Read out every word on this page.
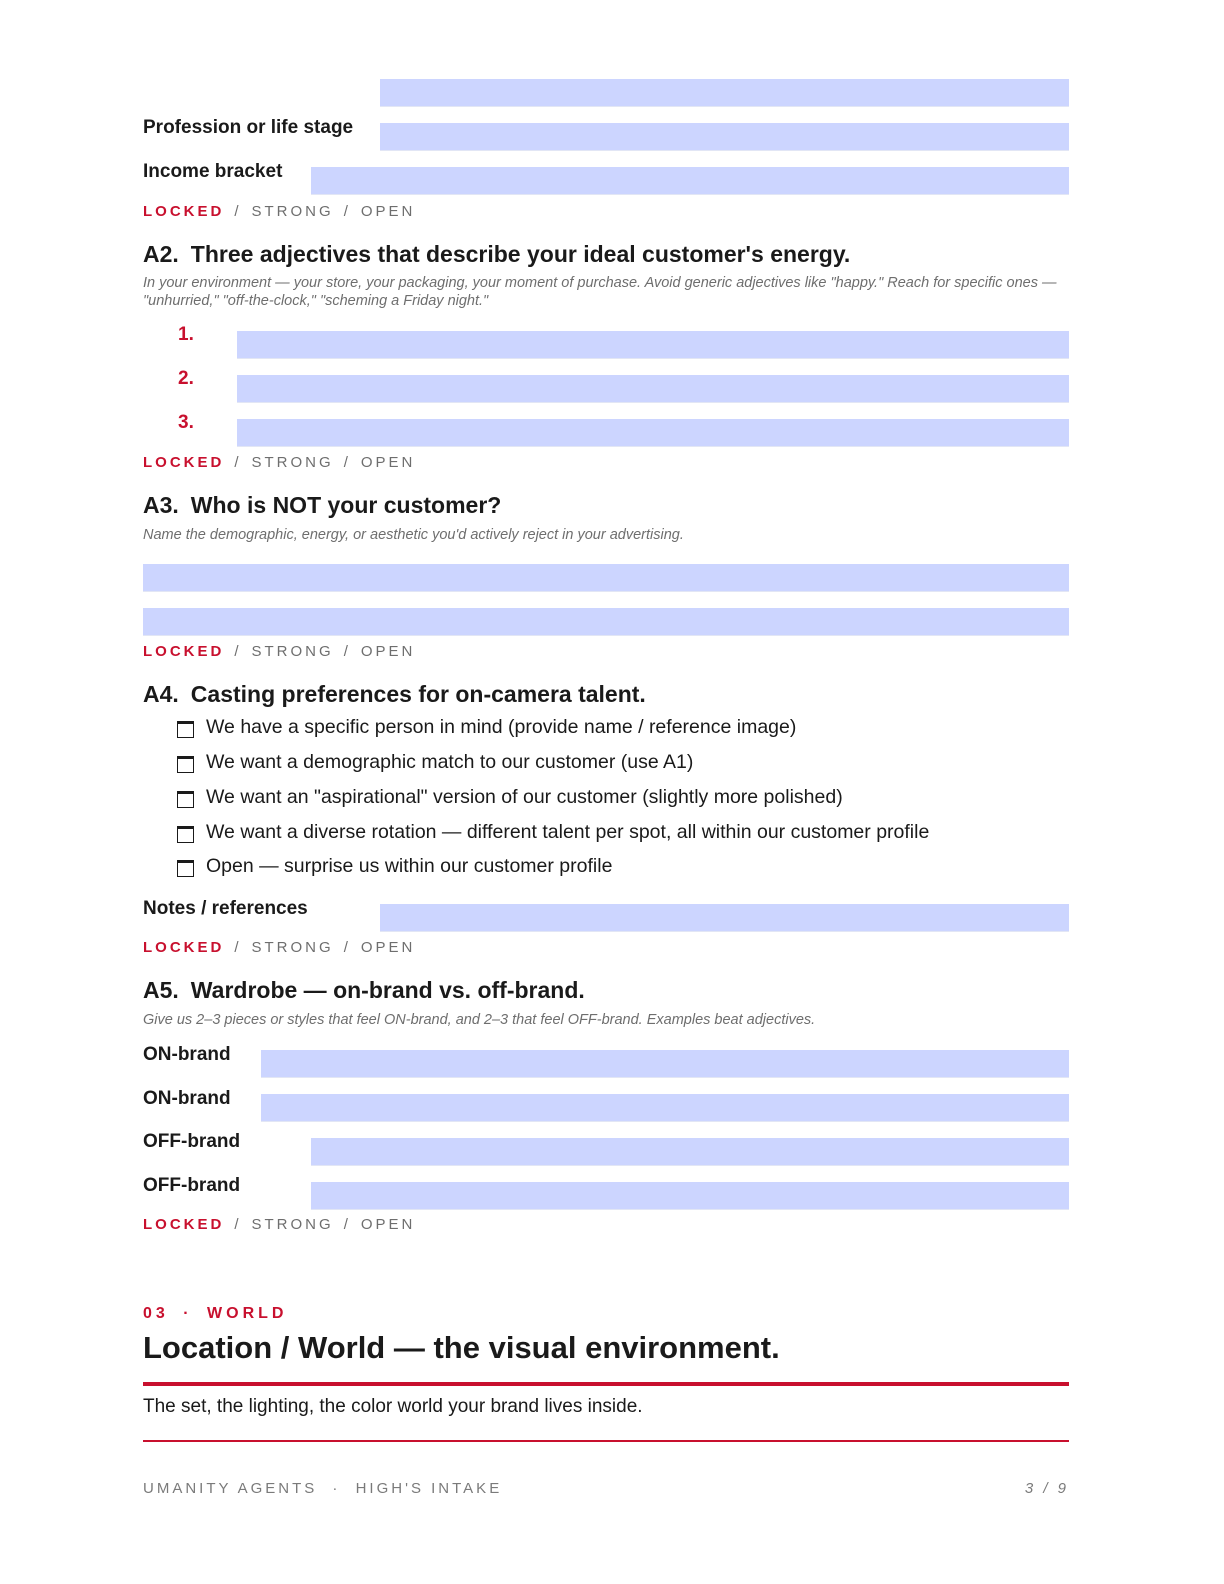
Profession or life stage
Income bracket
LOCKED / STRONG / OPEN
A2. Three adjectives that describe your ideal customer's energy.
In your environment — your store, your packaging, your moment of purchase. Avoid generic adjectives like "happy." Reach for specific ones — "unhurried," "off-the-clock," "scheming a Friday night."
1.
2.
3.
LOCKED / STRONG / OPEN
A3. Who is NOT your customer?
Name the demographic, energy, or aesthetic you'd actively reject in your advertising.
LOCKED / STRONG / OPEN
A4. Casting preferences for on-camera talent.
We have a specific person in mind (provide name / reference image)
We want a demographic match to our customer (use A1)
We want an "aspirational" version of our customer (slightly more polished)
We want a diverse rotation — different talent per spot, all within our customer profile
Open — surprise us within our customer profile
Notes / references
LOCKED / STRONG / OPEN
A5. Wardrobe — on-brand vs. off-brand.
Give us 2–3 pieces or styles that feel ON-brand, and 2–3 that feel OFF-brand. Examples beat adjectives.
ON-brand
ON-brand
OFF-brand
OFF-brand
LOCKED / STRONG / OPEN
03 · WORLD
Location / World — the visual environment.
The set, the lighting, the color world your brand lives inside.
UMANITY AGENTS · HIGH'S INTAKE	3 / 9
